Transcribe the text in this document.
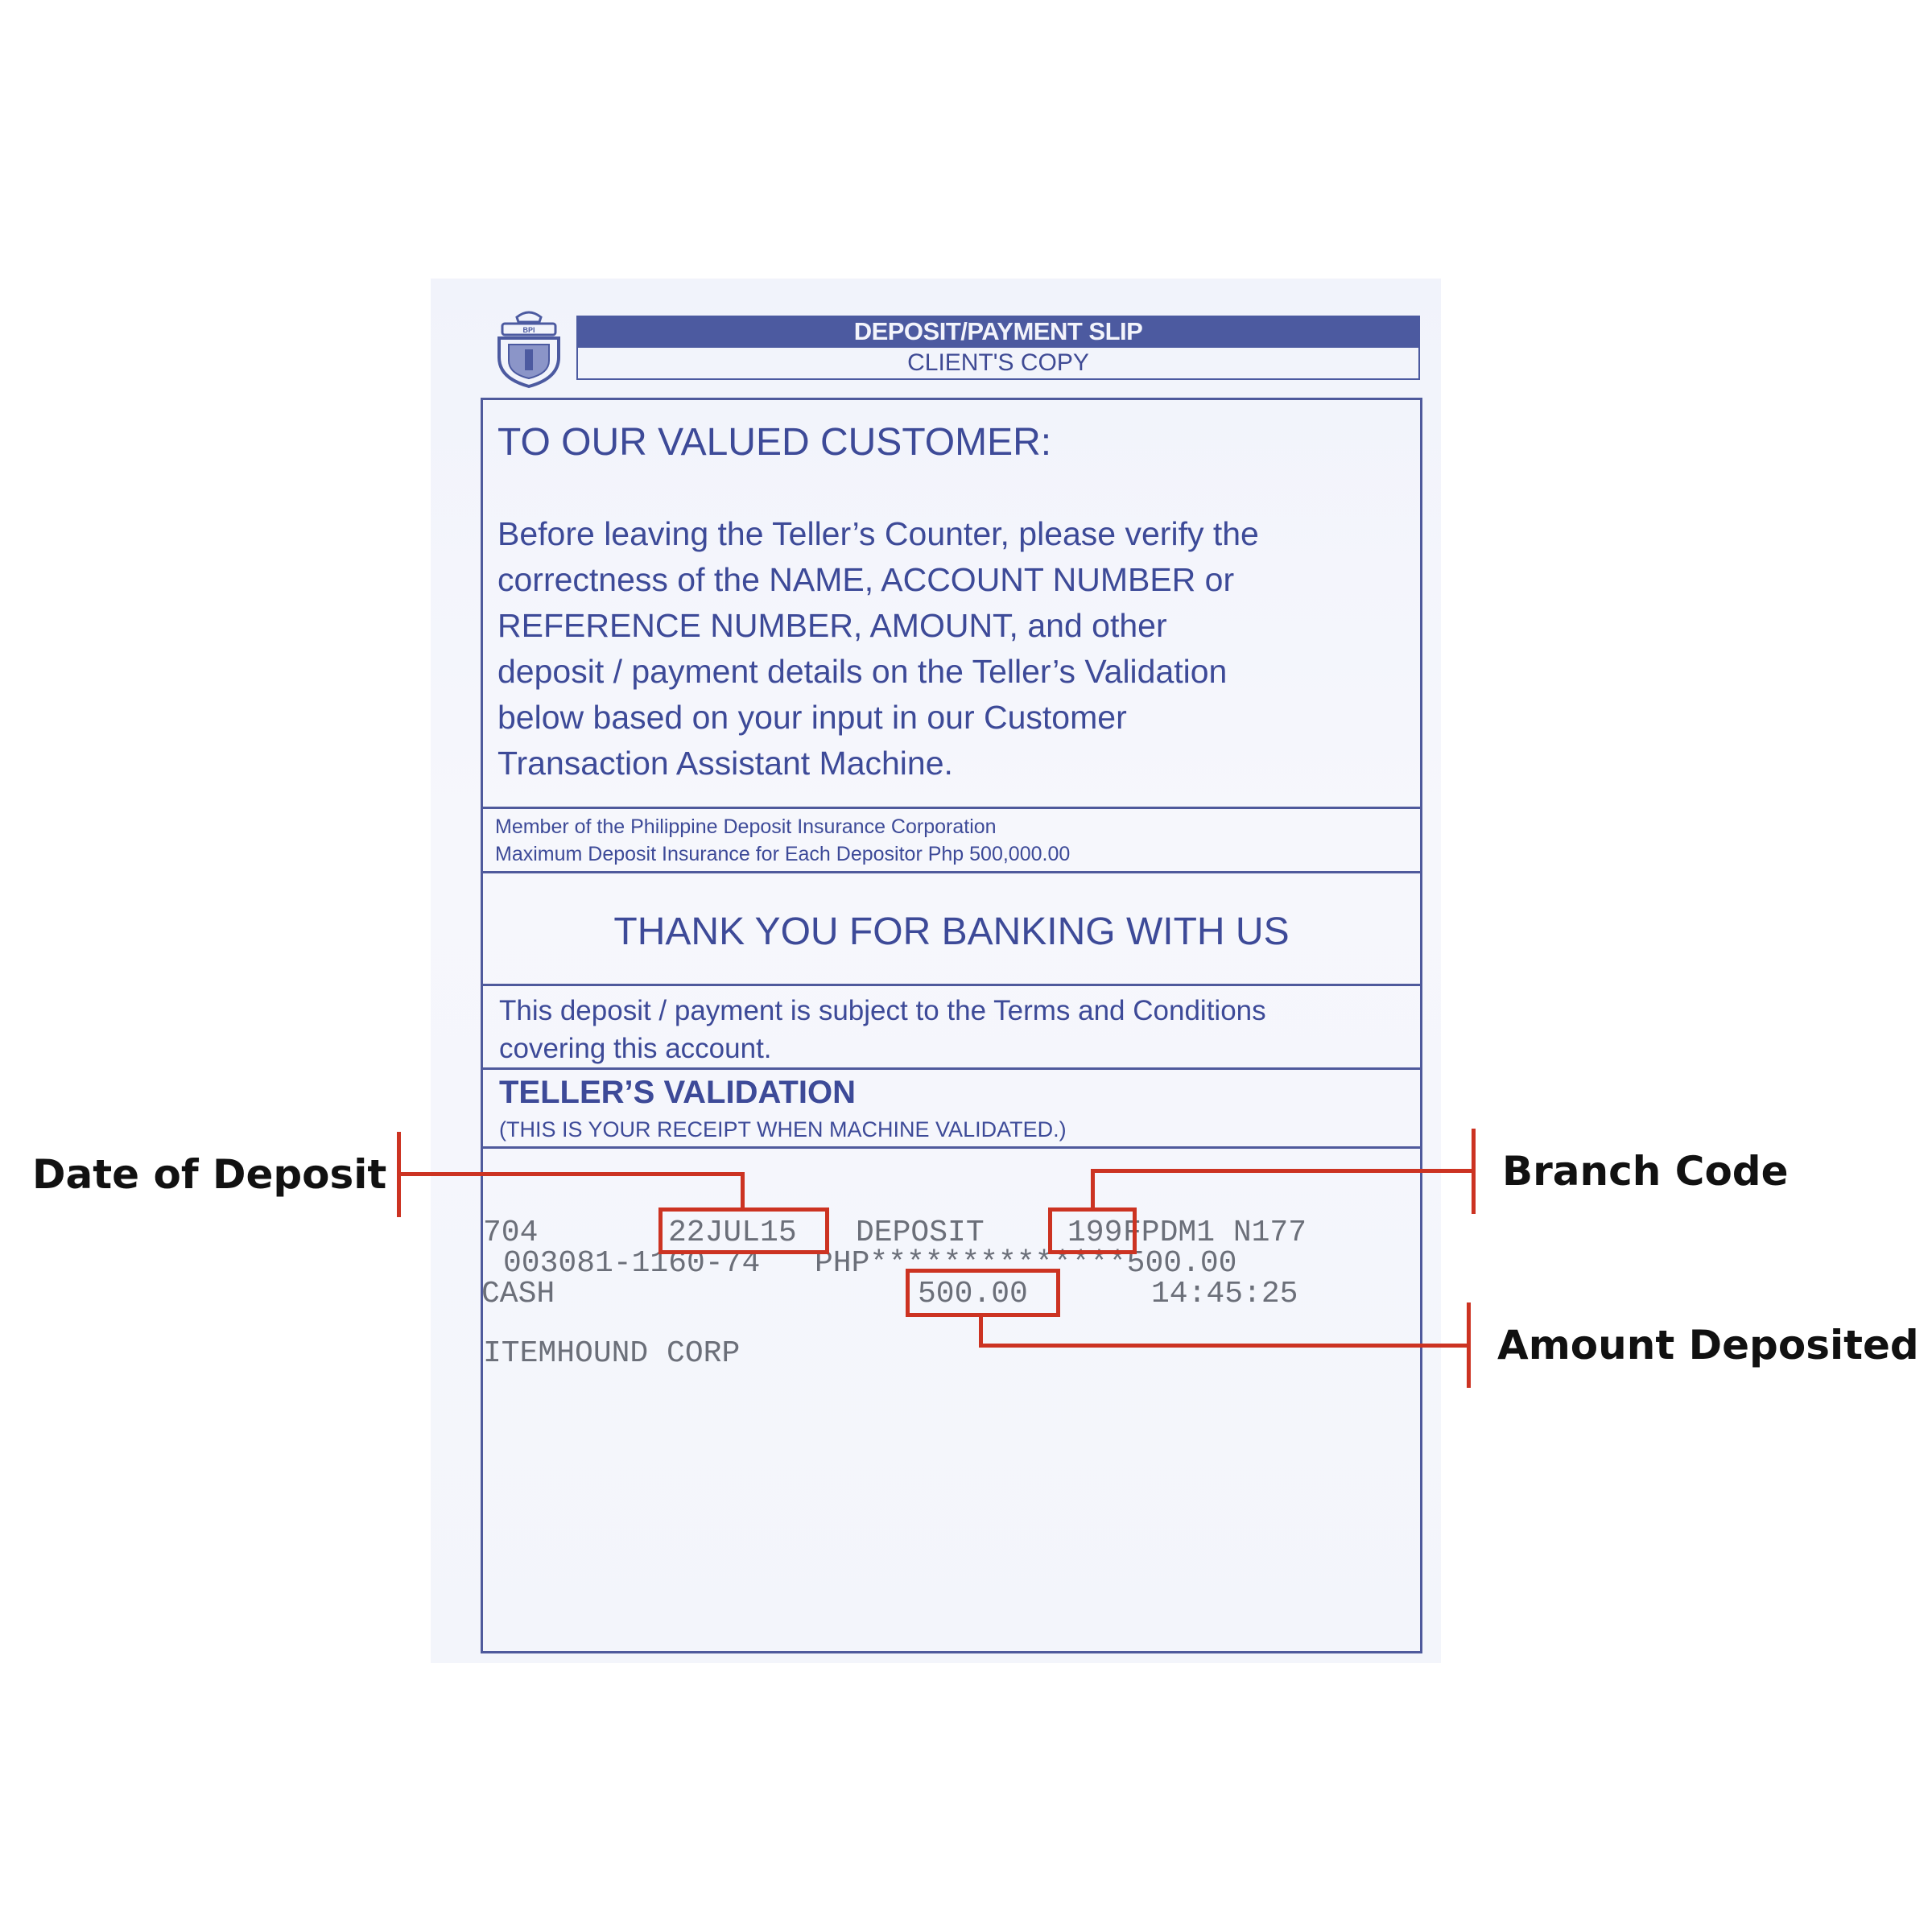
BPI	DEPOSIT/PAYMENT SLIP
CLIENT'S COPY
TO OUR VALUED CUSTOMER:
Before leaving the Teller’s Counter, please verify the
correctness of the NAME, ACCOUNT NUMBER or
REFERENCE NUMBER, AMOUNT, and other
deposit / payment details on the Teller’s Validation
below based on your input in our Customer
Transaction Assistant Machine.
Member of the Philippine Deposit Insurance Corporation
Maximum Deposit Insurance for Each Depositor Php 500,000.00
THANK YOU FOR BANKING WITH US
This deposit / payment is subject to the Terms and Conditions
covering this account.
TELLER’S VALIDATION
(THIS IS YOUR RECEIPT WHEN MACHINE VALIDATED.)
704	22JUL15 DEPOSIT	199 FPDM1 N177
003081-1160-74 PHP**************500.00
CASH	500.00	14:45:25
ITEMHOUND CORP
Date of Deposit	Branch Code
Amount Deposited
